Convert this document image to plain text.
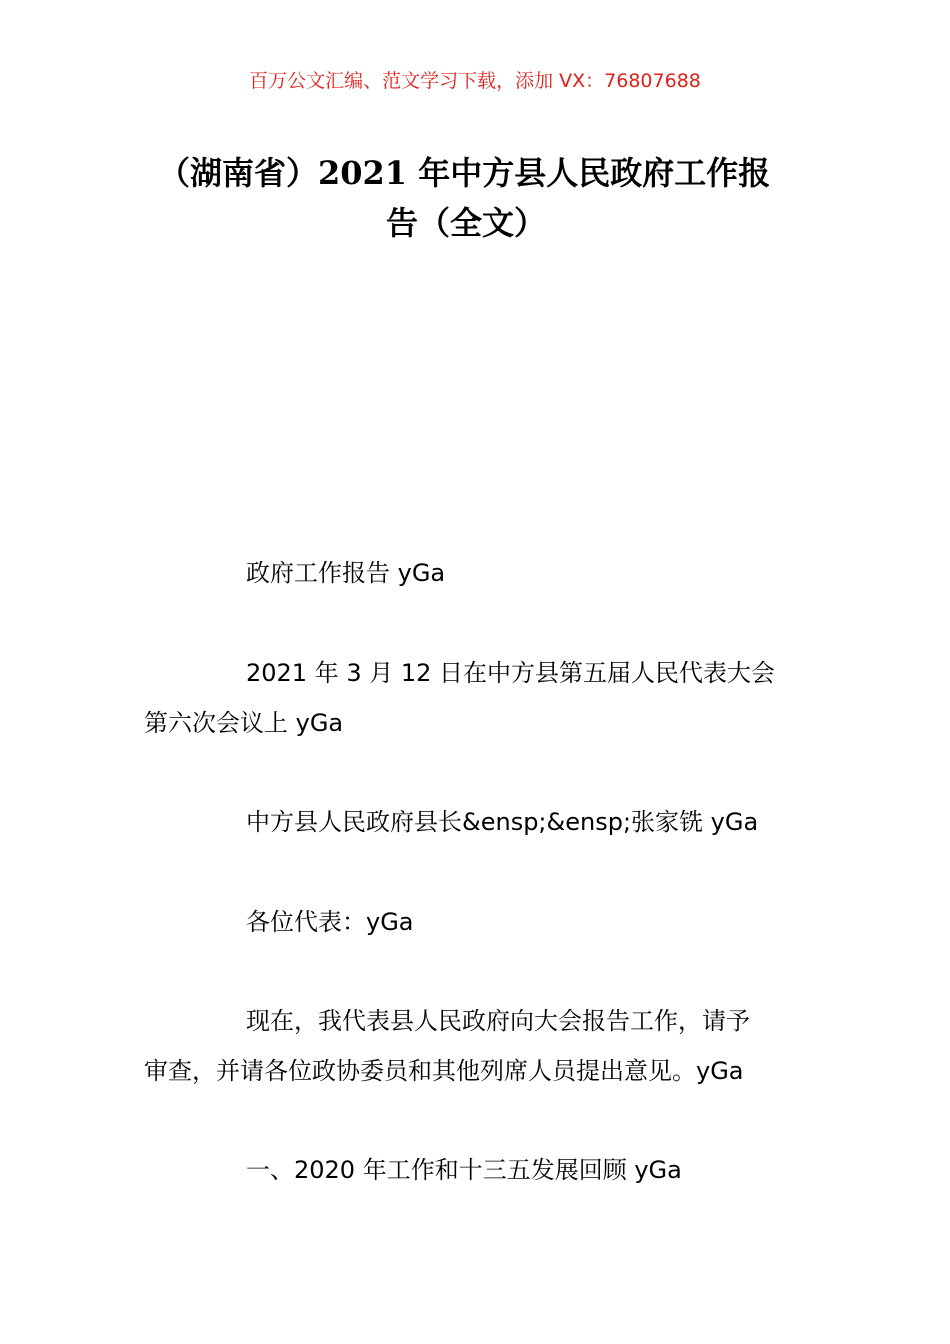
百万公文汇编、范文学习下载，添加 VX：76807688
（湖南省）2021 年中方县人民政府工作报
告（全文）

政府工作报告 yGa

2021 年 3 月 12 日在中方县第五届人民代表大会
第六次会议上 yGa

中方县人民政府县长&ensp;&ensp;张家铣 yGa

各位代表：yGa

现在，我代表县人民政府向大会报告工作，请予
审查，并请各位政协委员和其他列席人员提出意见。yGa

一、2020 年工作和十三五发展回顾 yGa
